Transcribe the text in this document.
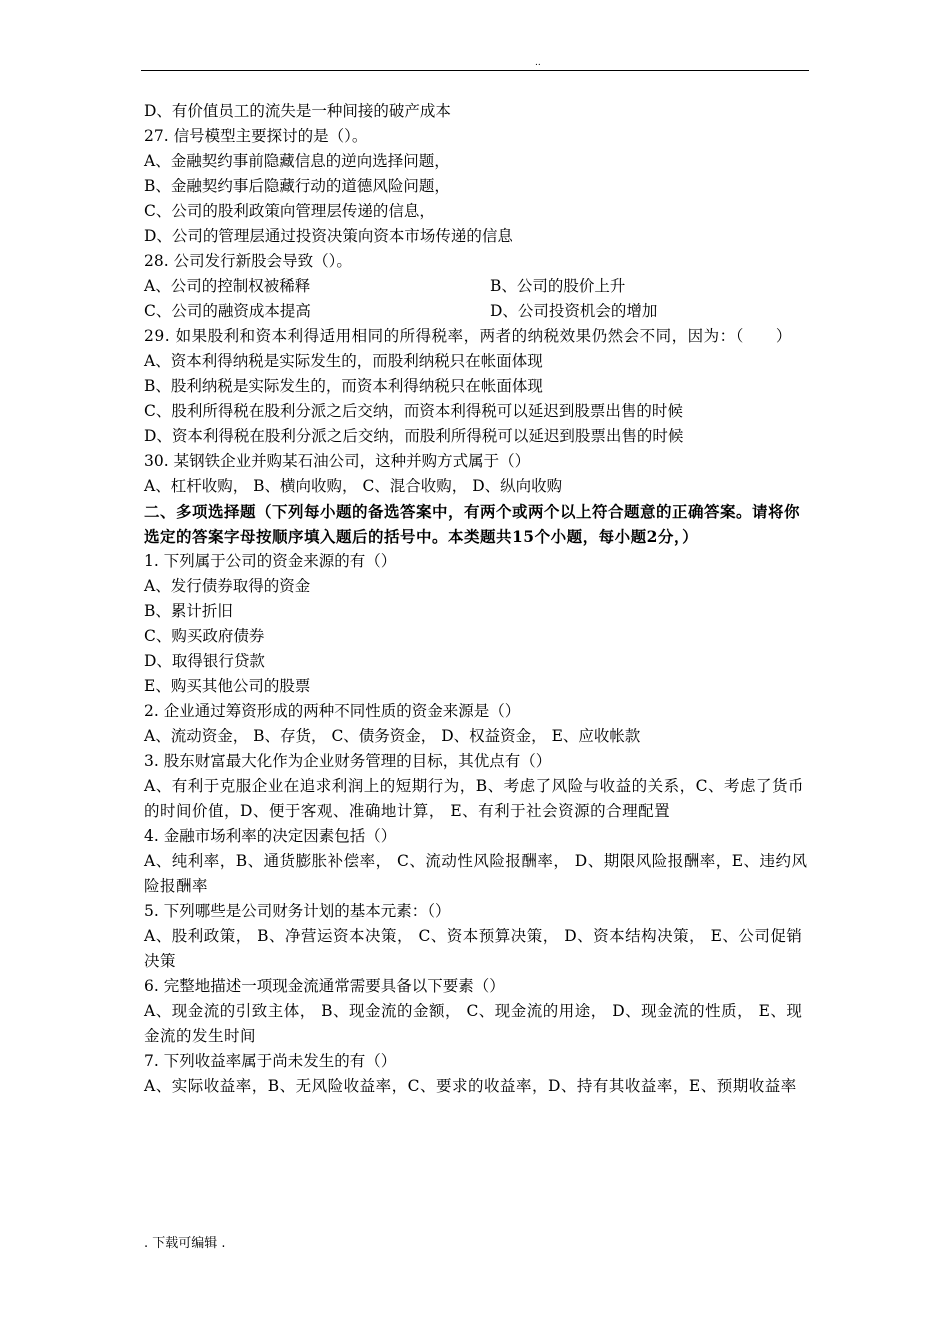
..
D、有价值员工的流失是一种间接的破产成本
27. 信号模型主要探讨的是（）。
A、金融契约事前隐藏信息的逆向选择问题，
B、金融契约事后隐藏行动的道德风险问题，
C、公司的股利政策向管理层传递的信息，
D、公司的管理层通过投资决策向资本市场传递的信息
28. 公司发行新股会导致（）。
A、公司的控制权被稀释	B、公司的股价上升
C、公司的融资成本提高	D、公司投资机会的增加
29. 如果股利和资本利得适用相同的所得税率，两者的纳税效果仍然会不同，因为：（　　）
A、资本利得纳税是实际发生的，而股利纳税只在帐面体现
B、股利纳税是实际发生的，而资本利得纳税只在帐面体现
C、股利所得税在股利分派之后交纳，而资本利得税可以延迟到股票出售的时候
D、资本利得税在股利分派之后交纳，而股利所得税可以延迟到股票出售的时候
30. 某钢铁企业并购某石油公司，这种并购方式属于（）
A、杠杆收购， B、横向收购， C、混合收购， D、纵向收购
二、多项选择题（下列每小题的备选答案中，有两个或两个以上符合题意的正确答案。请将你选定的答案字母按顺序填入题后的括号中。本类题共15个小题，每小题2分，）
1. 下列属于公司的资金来源的有（）
A、发行债券取得的资金
B、累计折旧
C、购买政府债券
D、取得银行贷款
E、购买其他公司的股票
2. 企业通过筹资形成的两种不同性质的资金来源是（）
A、流动资金， B、存货， C、债务资金， D、权益资金， E、应收帐款
3. 股东财富最大化作为企业财务管理的目标，其优点有（）
A、有利于克服企业在追求利润上的短期行为，B、考虑了风险与收益的关系，C、考虑了货币的时间价值，D、便于客观、准确地计算， E、有利于社会资源的合理配置
4. 金融市场利率的决定因素包括（）
A、纯利率，B、通货膨胀补偿率， C、流动性风险报酬率， D、期限风险报酬率，E、违约风险报酬率
5. 下列哪些是公司财务计划的基本元素：（）
A、股利政策， B、净营运资本决策， C、资本预算决策， D、资本结构决策， E、公司促销决策
6. 完整地描述一项现金流通常需要具备以下要素（）
A、现金流的引致主体， B、现金流的金额， C、现金流的用途， D、现金流的性质， E、现金流的发生时间
7. 下列收益率属于尚未发生的有（）
A、实际收益率，B、无风险收益率，C、要求的收益率，D、持有其收益率，E、预期收益率
. 下载可编辑 .
